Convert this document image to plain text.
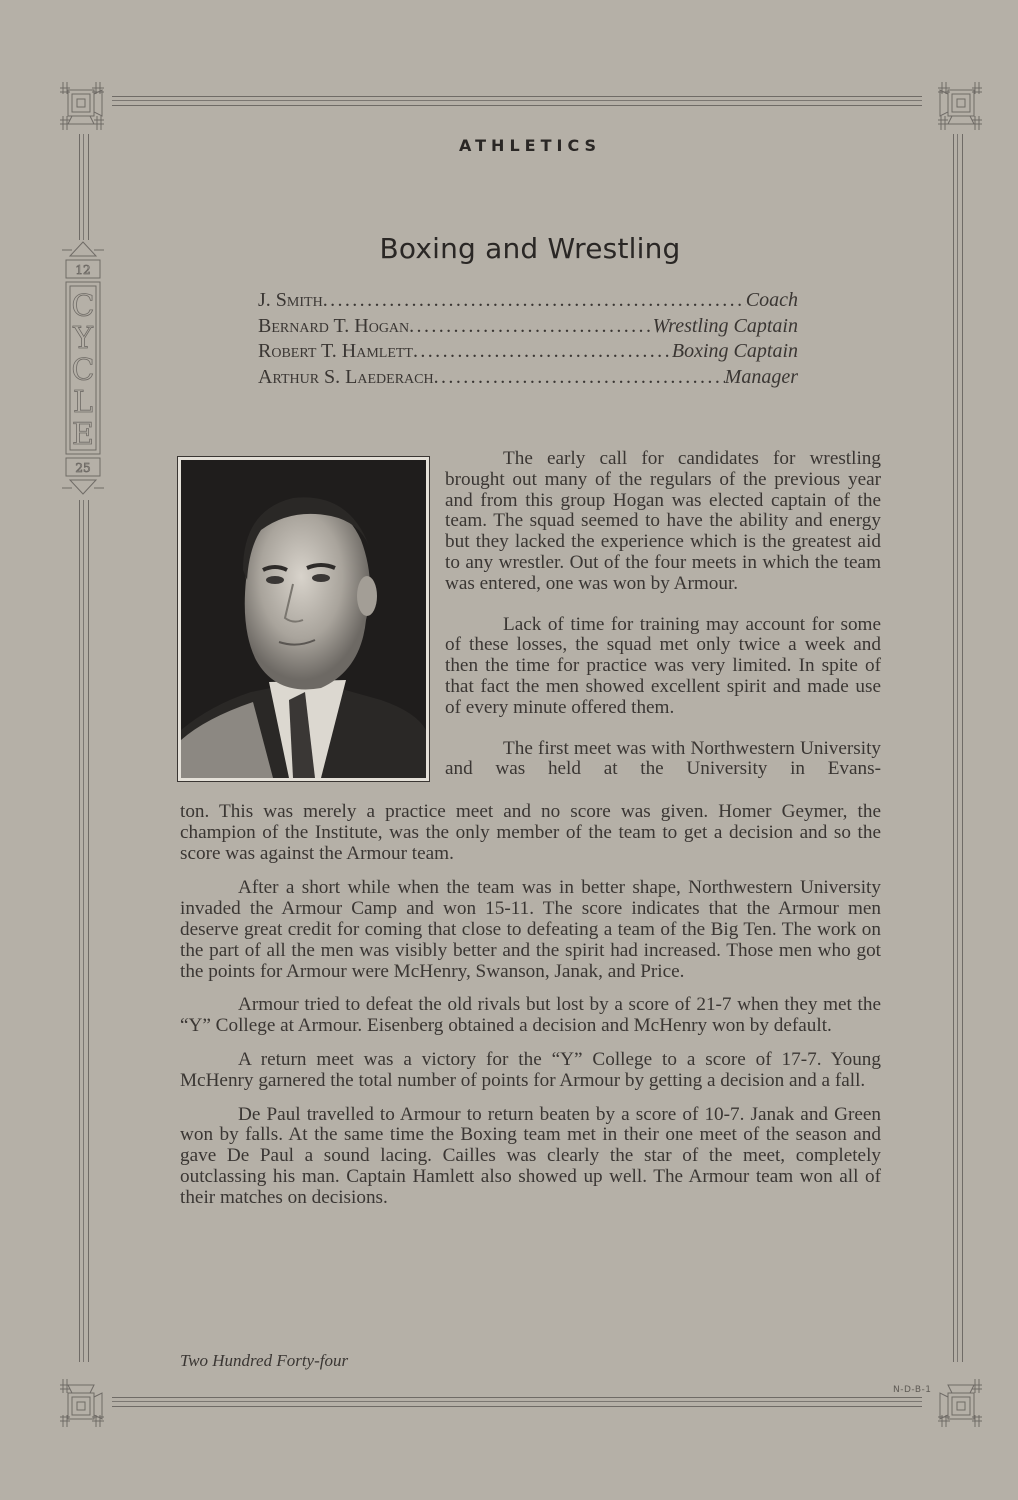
12
C
Y
C
L
E
25
N-D-B-1
ATHLETICS
Boxing and Wrestling
J. Smith .....	Coach
Bernard T. Hogan .....	Wrestling Captain
Robert T. Hamlett .....	Boxing Captain
Arthur S. Laederach .....	Manager

The early call for candidates for wrestling brought out many of the regulars of the previous year and from this group Hogan was elected captain of the team. The squad seemed to have the ability and energy but they lacked the experience which is the greatest aid to any wrestler. Out of the four meets in which the team was entered, one was won by Armour.

Lack of time for training may account for some of these losses, the squad met only twice a week and then the time for practice was very limited. In spite of that fact the men showed excellent spirit and made use of every minute offered them.

The first meet was with Northwestern University and was held at the University in Evans-

ton. This was merely a practice meet and no score was given. Homer Geymer, the champion of the Institute, was the only member of the team to get a decision and so the score was against the Armour team.

After a short while when the team was in better shape, Northwestern University invaded the Armour Camp and won 15-11. The score indicates that the Armour men deserve great credit for coming that close to defeating a team of the Big Ten. The work on the part of all the men was visibly better and the spirit had increased. Those men who got the points for Armour were McHenry, Swanson, Janak, and Price.

Armour tried to defeat the old rivals but lost by a score of 21-7 when they met the “Y” College at Armour. Eisenberg obtained a decision and McHenry won by default.

A return meet was a victory for the “Y” College to a score of 17-7. Young McHenry garnered the total number of points for Armour by getting a decision and a fall.

De Paul travelled to Armour to return beaten by a score of 10-7. Janak and Green won by falls. At the same time the Boxing team met in their one meet of the season and gave De Paul a sound lacing. Cailles was clearly the star of the meet, completely outclassing his man. Captain Hamlett also showed up well. The Armour team won all of their matches on decisions.

Two Hundred Forty-four
